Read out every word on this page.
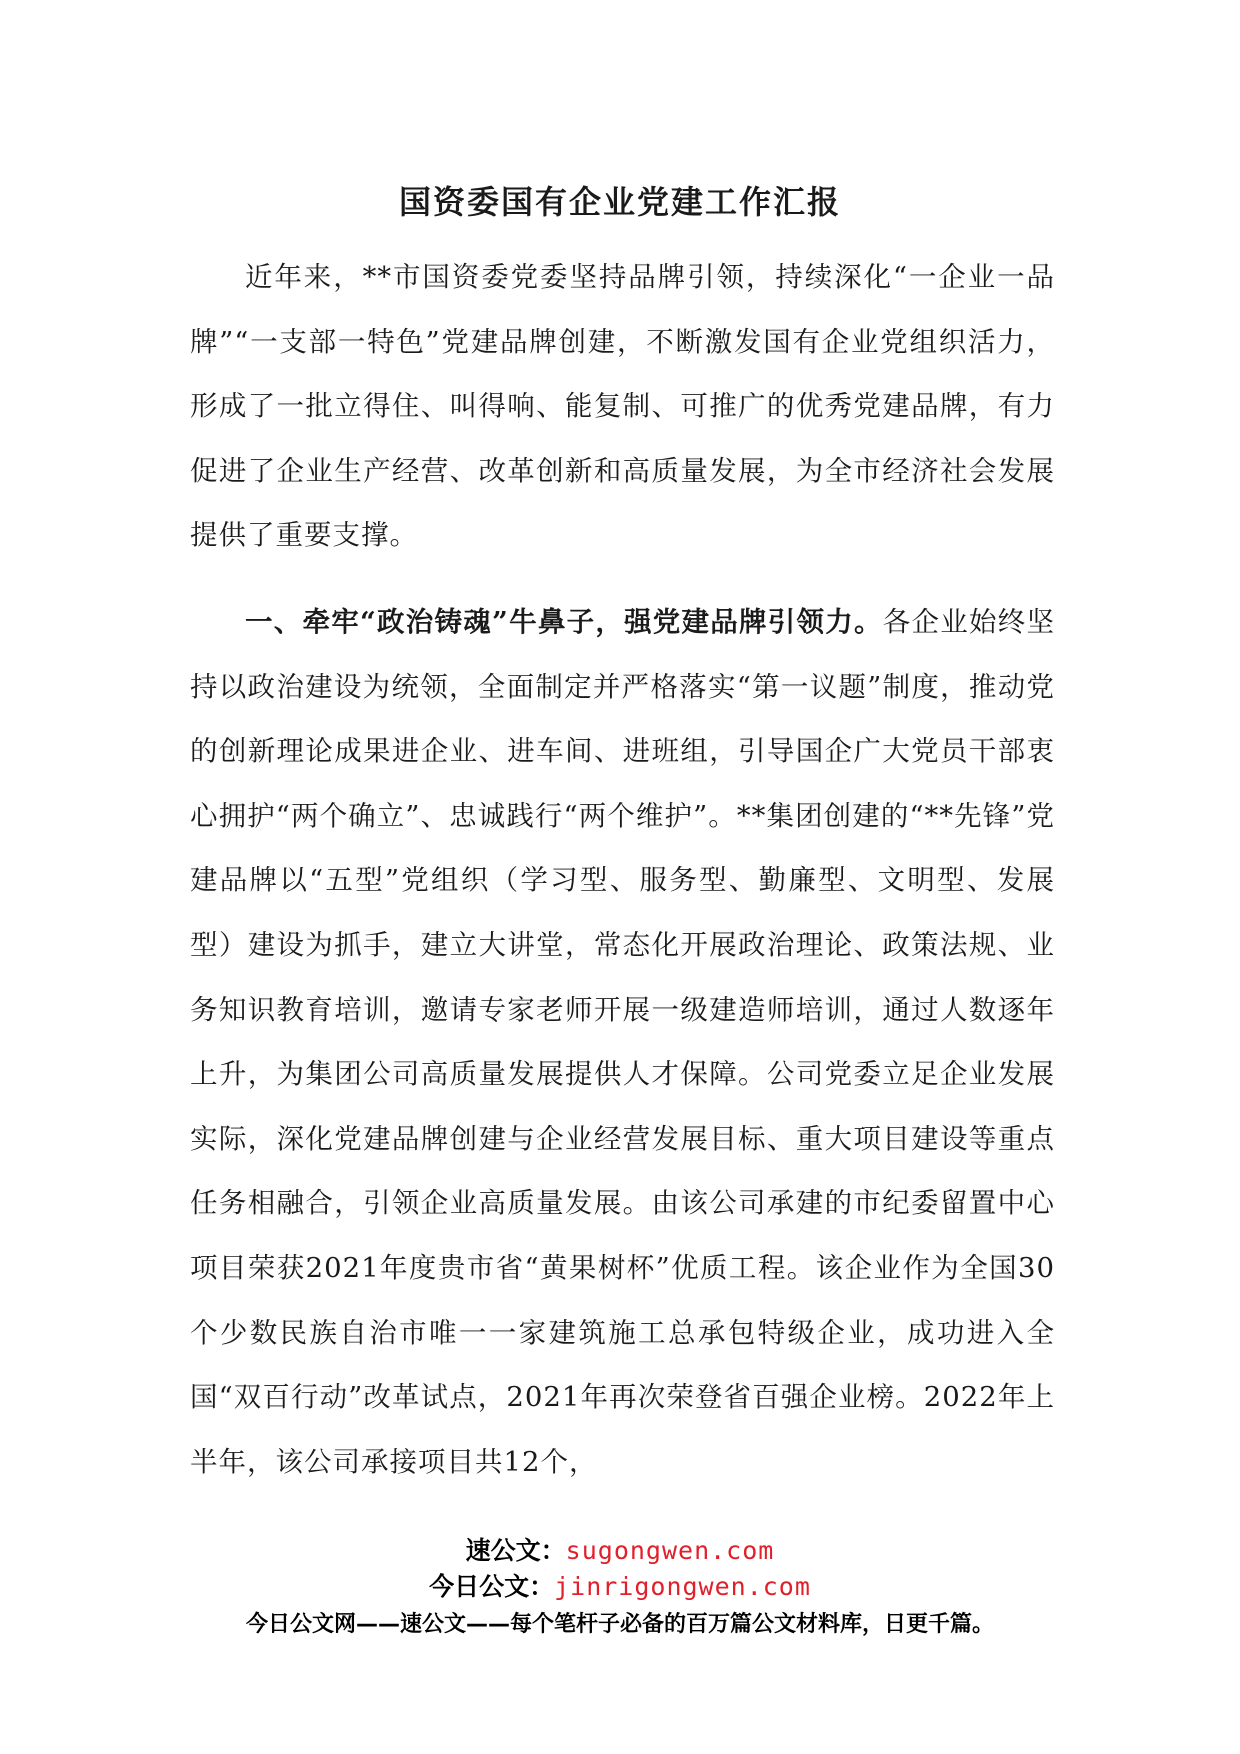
国资委国有企业党建工作汇报

近年来，**市国资委党委坚持品牌引领，持续深化“一企业一品牌”“一支部一特色”党建品牌创建，不断激发国有企业党组织活力，形成了一批立得住、叫得响、能复制、可推广的优秀党建品牌，有力促进了企业生产经营、改革创新和高质量发展，为全市经济社会发展提供了重要支撑。

一、牵牢“政治铸魂”牛鼻子，强党建品牌引领力。各企业始终坚持以政治建设为统领，全面制定并严格落实“第一议题”制度，推动党的创新理论成果进企业、进车间、进班组，引导国企广大党员干部衷心拥护“两个确立”、忠诚践行“两个维护”。**集团创建的“**先锋”党建品牌以“五型”党组织（学习型、服务型、勤廉型、文明型、发展型）建设为抓手，建立大讲堂，常态化开展政治理论、政策法规、业务知识教育培训，邀请专家老师开展一级建造师培训，通过人数逐年上升，为集团公司高质量发展提供人才保障。公司党委立足企业发展实际，深化党建品牌创建与企业经营发展目标、重大项目建设等重点任务相融合，引领企业高质量发展。由该公司承建的市纪委留置中心项目荣获2021年度贵市省“黄果树杯”优质工程。该企业作为全国30个少数民族自治市唯一一家建筑施工总承包特级企业，成功进入全国“双百行动”改革试点，2021年再次荣登省百强企业榜。2022年上半年，该公司承接项目共12个，

速公文：sugongwen.com
今日公文：jinrigongwen.com
今日公文网——速公文——每个笔杆子必备的百万篇公文材料库，日更千篇。
